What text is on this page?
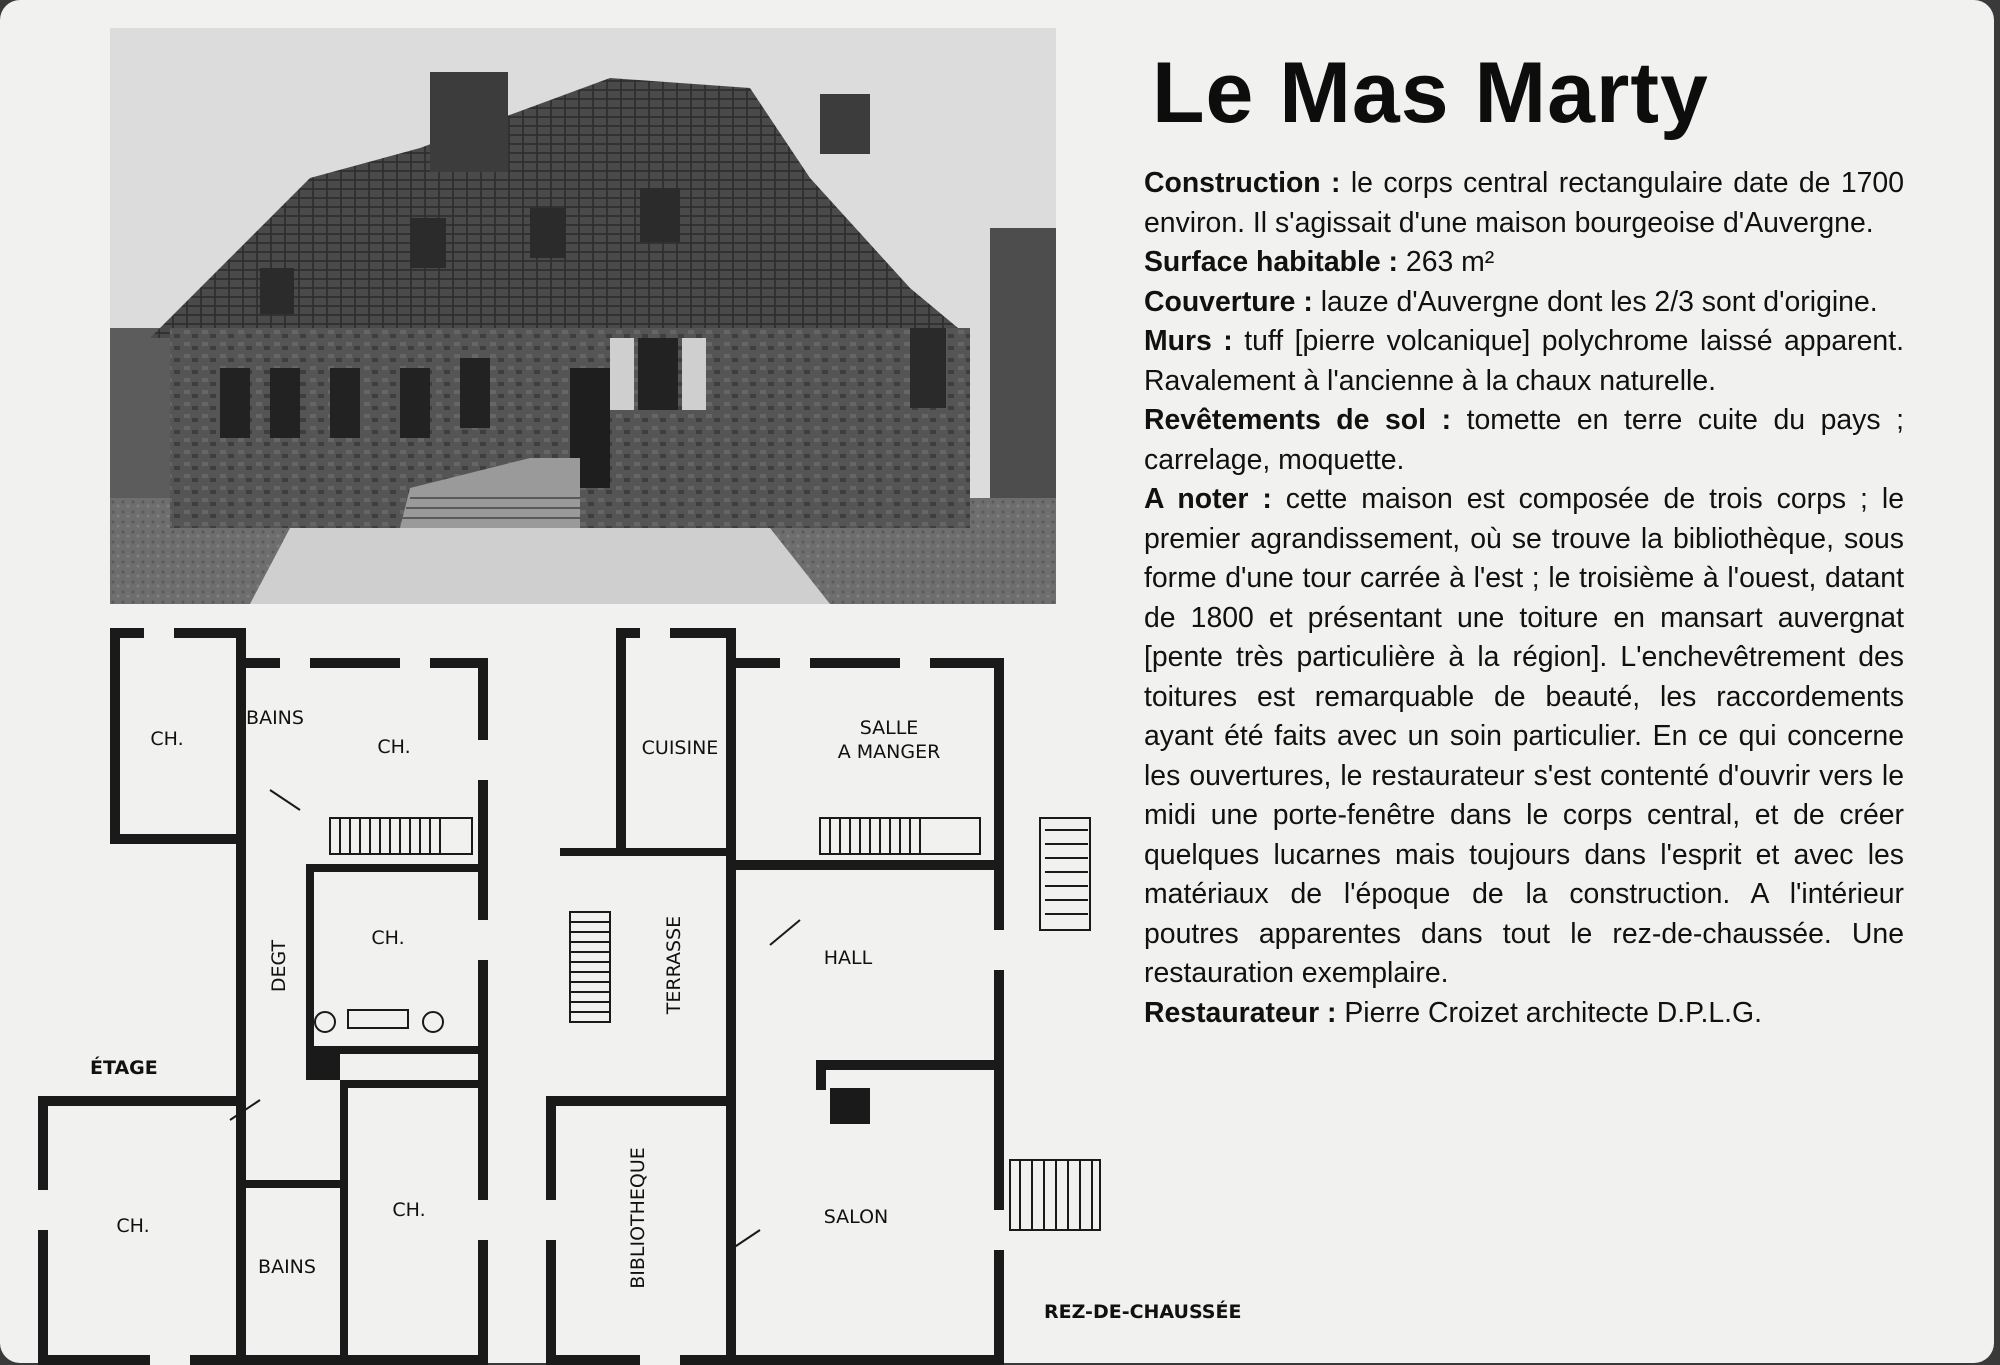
CH.
BAINS
CH.
CH.
DEGT
CH.
CH.
BAINS
ÉTAGE
CUISINE
SALLE
A MANGER
TERRASSE	HALL
BIBLIOTHEQUE	SALON
REZ-DE-CHAUSSÉE
Le Mas Marty

Construction : le corps central rectangulaire date de 1700 environ. Il s'agissait d'une maison bourgeoise d'Auvergne.

Surface habitable : 263 m²

Couverture : lauze d'Auvergne dont les 2/3 sont d'origine.

Murs : tuff [pierre volcanique] polychrome laissé apparent. Ravalement à l'ancienne à la chaux naturelle.

Revêtements de sol : tomette en terre cuite du pays ; carrelage, moquette.

A noter : cette maison est composée de trois corps ; le premier agrandissement, où se trouve la bibliothèque, sous forme d'une tour carrée à l'est ; le troisième à l'ouest, datant de 1800 et présentant une toiture en mansart auvergnat [pente très particulière à la région]. L'enchevêtrement des toitures est remarquable de beauté, les raccordements ayant été faits avec un soin particulier. En ce qui concerne les ouvertures, le restaurateur s'est contenté d'ouvrir vers le midi une porte-fenêtre dans le corps central, et de créer quelques lucarnes mais toujours dans l'esprit et avec les matériaux de l'époque de la construction. A l'intérieur poutres apparentes dans tout le rez-de-chaussée. Une restauration exemplaire.

Restaurateur : Pierre Croizet architecte D.P.L.G.
